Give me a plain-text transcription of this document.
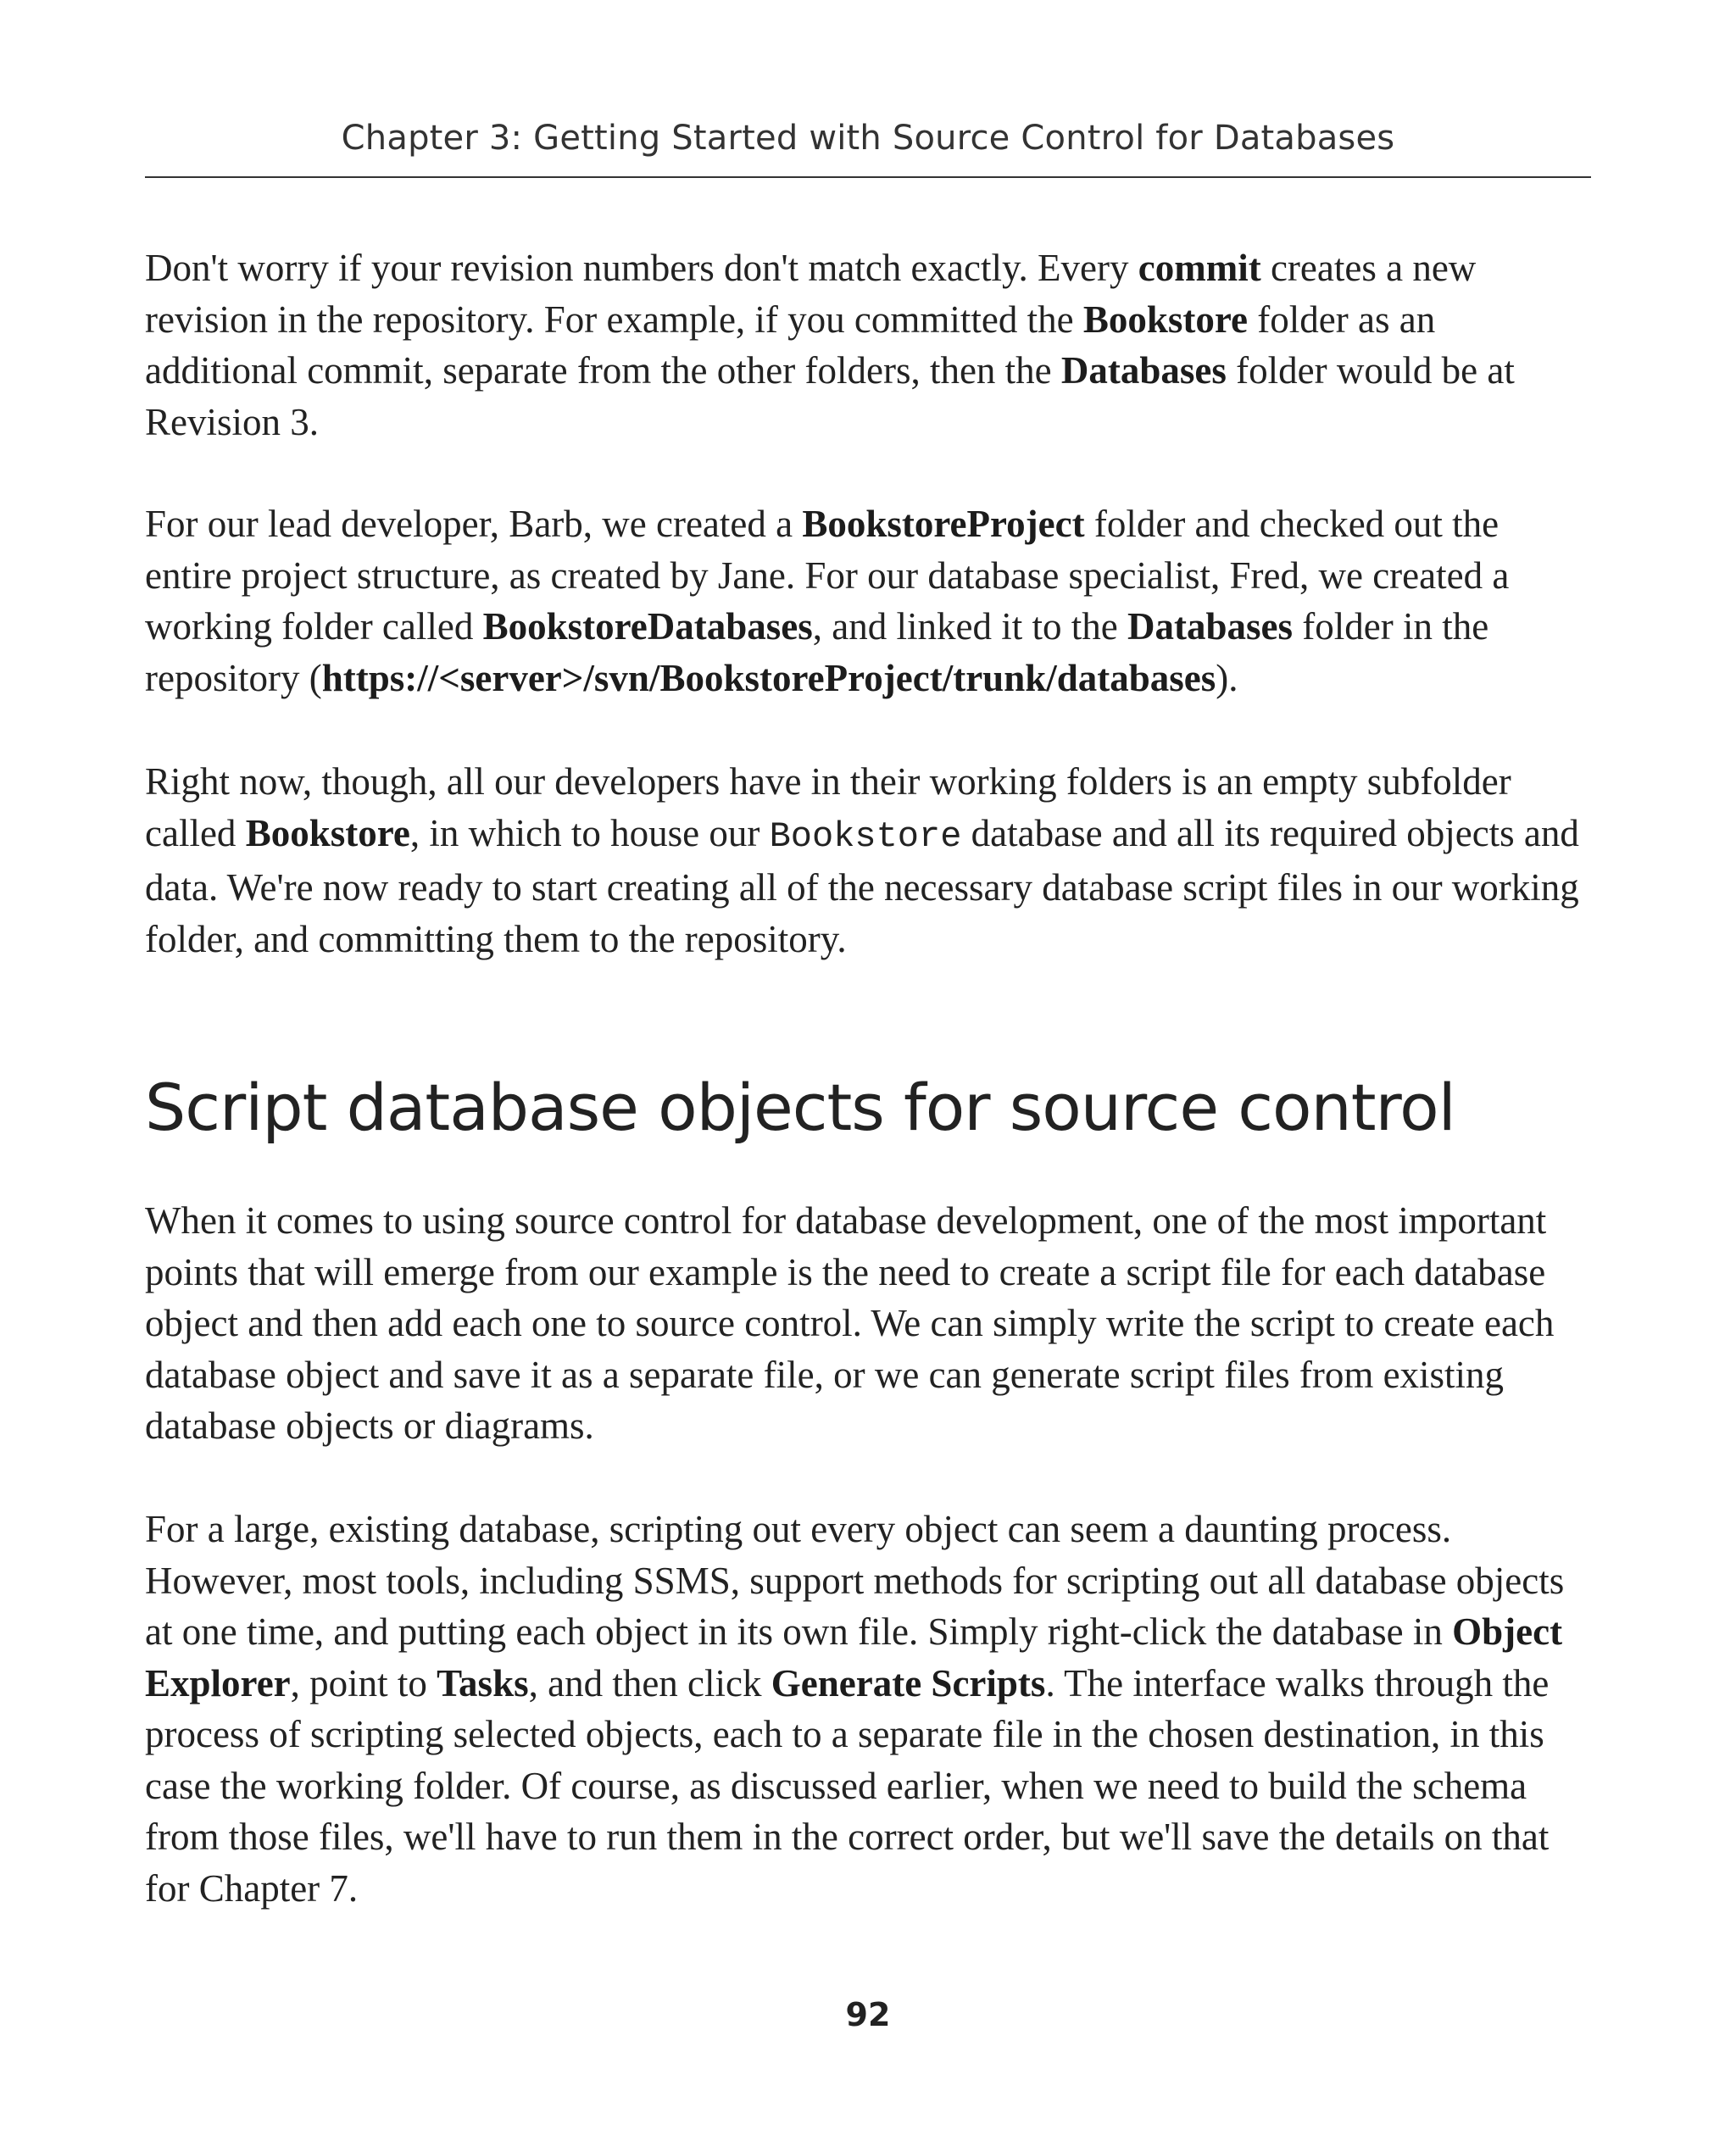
Chapter 3: Getting Started with Source Control for Databases

Don't worry if your revision numbers don't match exactly. Every commit creates a new revision in the repository. For example, if you committed the Bookstore folder as an additional commit, separate from the other folders, then the Databases folder would be at Revision 3.

For our lead developer, Barb, we created a BookstoreProject folder and checked out the entire project structure, as created by Jane. For our database specialist, Fred, we created a working folder called BookstoreDatabases, and linked it to the Databases folder in the repository (https://<server>/svn/BookstoreProject/trunk/databases).

Right now, though, all our developers have in their working folders is an empty subfolder called Bookstore, in which to house our Bookstore database and all its required objects and data. We're now ready to start creating all of the necessary database script files in our working folder, and committing them to the repository.

Script database objects for source control

When it comes to using source control for database development, one of the most important points that will emerge from our example is the need to create a script file for each database object and then add each one to source control. We can simply write the script to create each database object and save it as a separate file, or we can generate script files from existing database objects or diagrams.

For a large, existing database, scripting out every object can seem a daunting process. However, most tools, including SSMS, support methods for scripting out all database objects at one time, and putting each object in its own file. Simply right-click the database in Object Explorer, point to Tasks, and then click Generate Scripts. The interface walks through the process of scripting selected objects, each to a separate file in the chosen destination, in this case the working folder. Of course, as discussed earlier, when we need to build the schema from those files, we'll have to run them in the correct order, but we'll save the details on that for Chapter 7.

92
